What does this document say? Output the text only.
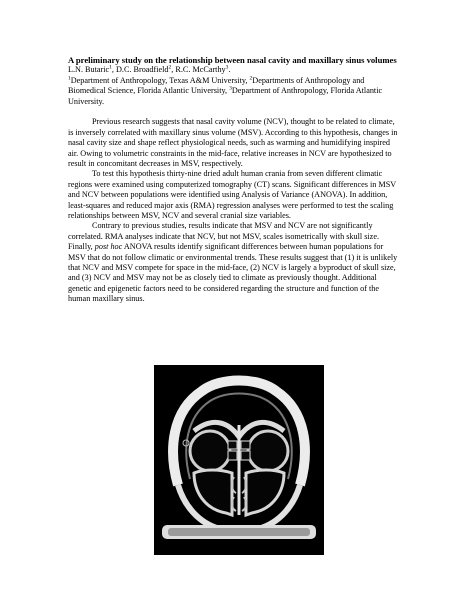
A preliminary study on the relationship between nasal cavity and maxillary sinus volumes

L.N. Butaric$^1$, D.C. Broadfield$^2$, R.C. McCarthy$^3$.

$^1$Department of Anthropology, Texas A&M University, $^2$Departments of Anthropology and Biomedical Science, Florida Atlantic University, $^3$Department of Anthropology, Florida Atlantic University.

Previous research suggests that nasal cavity volume (NCV), thought to be related to climate, is inversely correlated with maxillary sinus volume (MSV). According to this hypothesis, changes in nasal cavity size and shape reflect physiological needs, such as warming and humidifying inspired air. Owing to volumetric constraints in the mid-face, relative increases in NCV are hypothesized to result in concomitant decreases in MSV, respectively.

To test this hypothesis thirty-nine dried adult human crania from seven different climatic regions were examined using computerized tomography (CT) scans. Significant differences in MSV and NCV between populations were identified using Analysis of Variance (ANOVA). In addition, least-squares and reduced major axis (RMA) regression analyses were performed to test the scaling relationships between MSV, NCV and several cranial size variables.

Contrary to previous studies, results indicate that MSV and NCV are not significantly correlated. RMA analyses indicate that NCV, but not MSV, scales isometrically with skull size. Finally, post hoc ANOVA results identify significant differences between human populations for MSV that do not follow climatic or environmental trends. These results suggest that (1) it is unlikely that NCV and MSV compete for space in the mid-face, (2) NCV is largely a byproduct of skull size, and (3) NCV and MSV may not be as closely tied to climate as previously thought. Additional genetic and epigenetic factors need to be considered regarding the structure and function of the human maxillary sinus.
